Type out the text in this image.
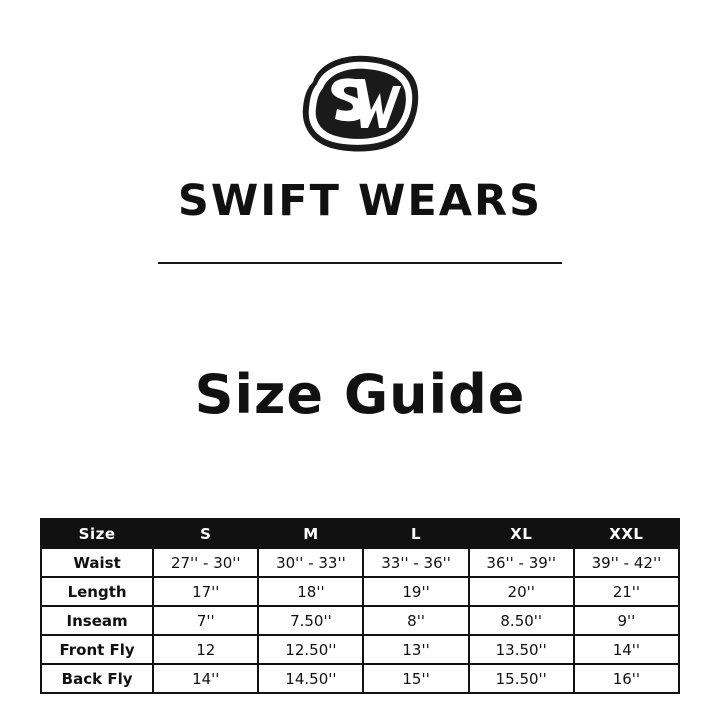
SWIFT WEARS
Size Guide
Size	S	M	L	XL	XXL
Waist	27'' - 30''	30'' - 33''	33'' - 36''	36'' - 39''	39'' - 42''
Length	17''	18''	19''	20''	21''
Inseam	7''	7.50''	8''	8.50''	9''
Front Fly	12	12.50''	13''	13.50''	14''
Back Fly	14''	14.50''	15''	15.50''	16''
